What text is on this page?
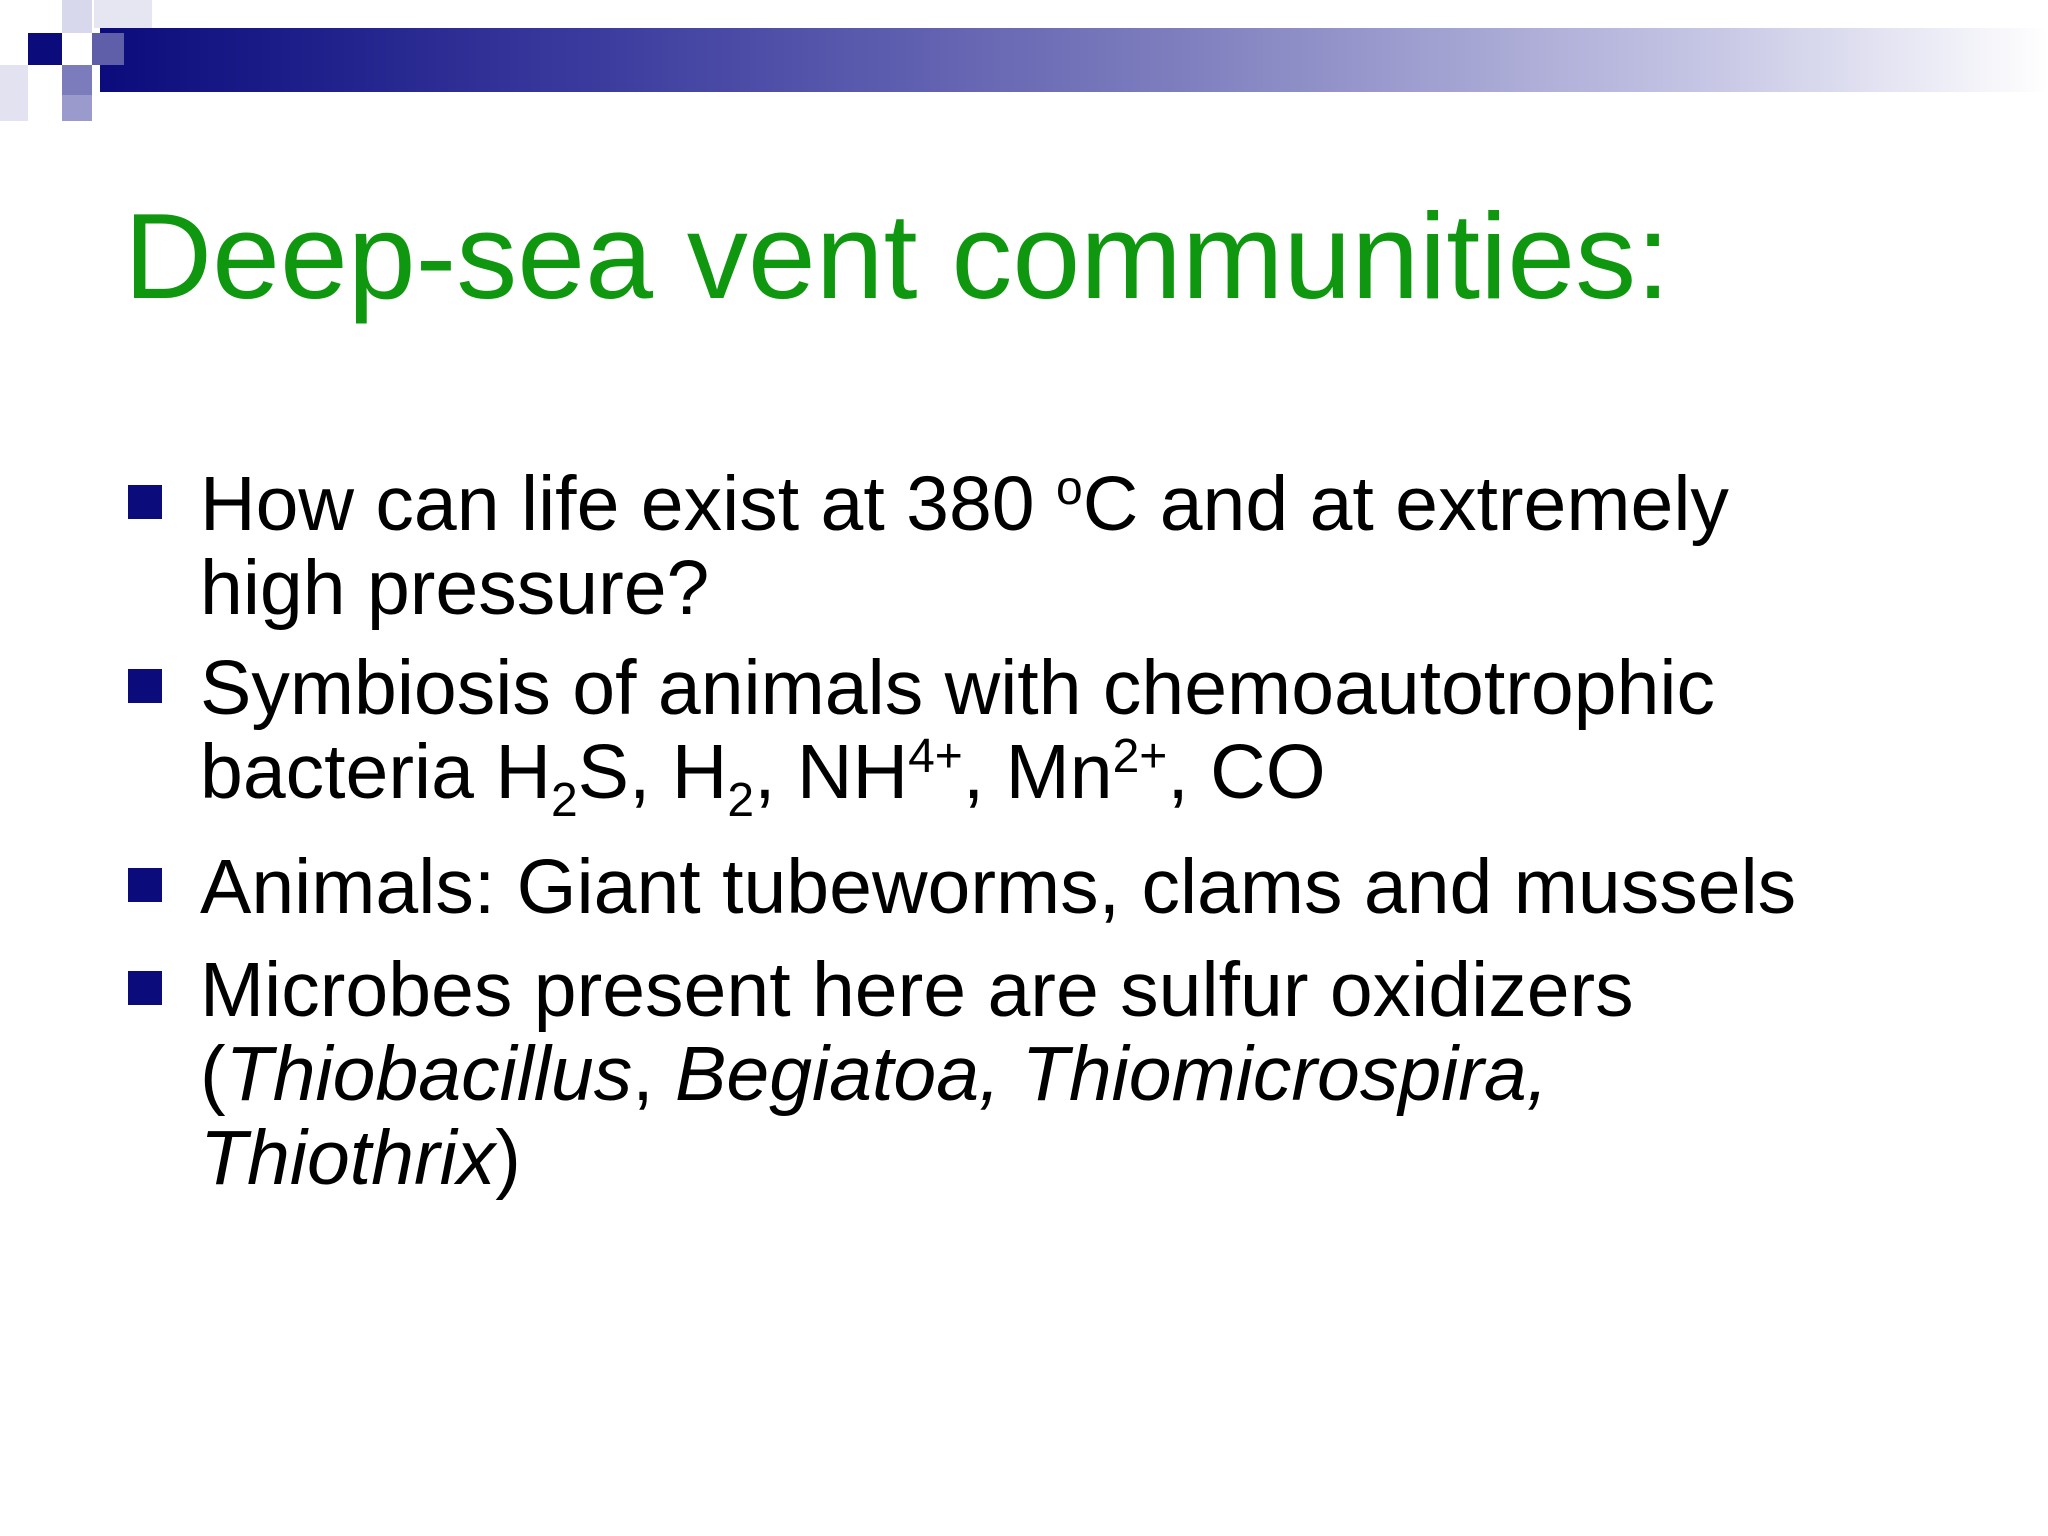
Deep-sea vent communities:
How can life exist at 380 $^o$C and at extremely
high pressure?
Symbiosis of animals with chemoautotrophic
bacteria $H_2S$, $H_2$, $NH^{4+}$, $Mn^{2+}$, CO
Animals: Giant tubeworms, clams and mussels
Microbes present here are sulfur oxidizers
(Thiobacillus, Begiatoa, Thiomicrospira,
Thiothrix)
